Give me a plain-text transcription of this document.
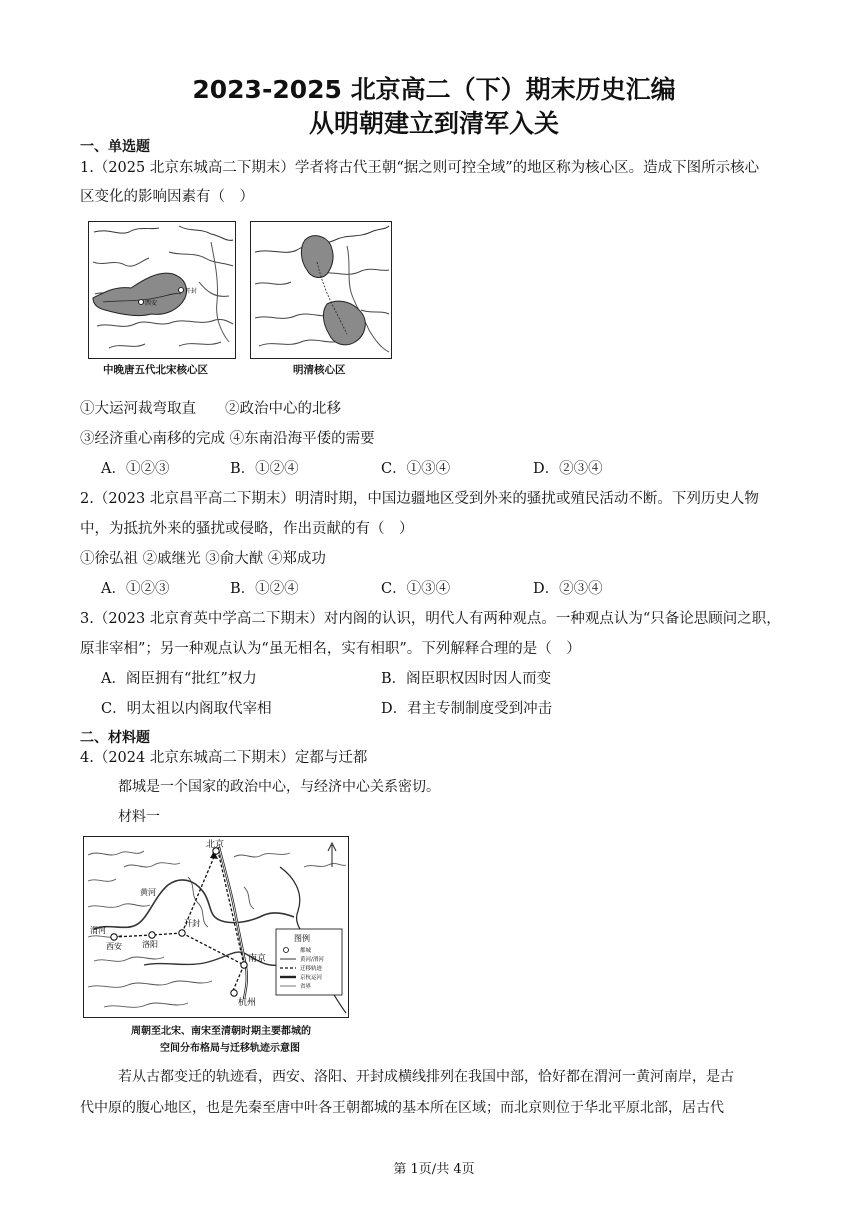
2023-2025 北京高二（下）期末历史汇编
从明朝建立到清军入关
一、单选题
1.（2025 北京东城高二下期末）学者将古代王朝“据之则可控全域”的地区称为核心区。造成下图所示核心
区变化的影响因素有（　）
西安
开封
中晚唐五代北宋核心区	明清核心区
①大运河裁弯取直　　②政治中心的北移
③经济重心南移的完成 ④东南沿海平倭的需要
A．①②③	B．①②④	C．①③④	D．②③④
2.（2023 北京昌平高二下期末）明清时期，中国边疆地区受到外来的骚扰或殖民活动不断。下列历史人物
中，为抵抗外来的骚扰或侵略，作出贡献的有（　）
①徐弘祖 ②戚继光 ③俞大猷 ④郑成功
A．①②③	B．①②④	C．①③④	D．②③④
3.（2023 北京育英中学高二下期末）对内阁的认识，明代人有两种观点。一种观点认为“只备论思顾问之职，
原非宰相”；另一种观点认为“虽无相名，实有相职”。下列解释合理的是（　）
A．阁臣拥有“批红”权力	B．阁臣职权因时因人而变
C．明太祖以内阁取代宰相	D．君主专制制度受到冲击
二、材料题
4.（2024 北京东城高二下期末）定都与迁都
都城是一个国家的政治中心，与经济中心关系密切。
材料一
北京
黄河
渭河
西安	洛阳
开封
南京
杭州
图例
都城
黄河/渭河
迁移轨迹
京杭运河
省界
周朝至北宋、南宋至清朝时期主要都城的
空间分布格局与迁移轨迹示意图
若从古都变迁的轨迹看，西安、洛阳、开封成横线排列在我国中部，恰好都在渭河一黄河南岸，是古
代中原的腹心地区，也是先秦至唐中叶各王朝都城的基本所在区域；而北京则位于华北平原北部，居古代
第 1页/共 4页
